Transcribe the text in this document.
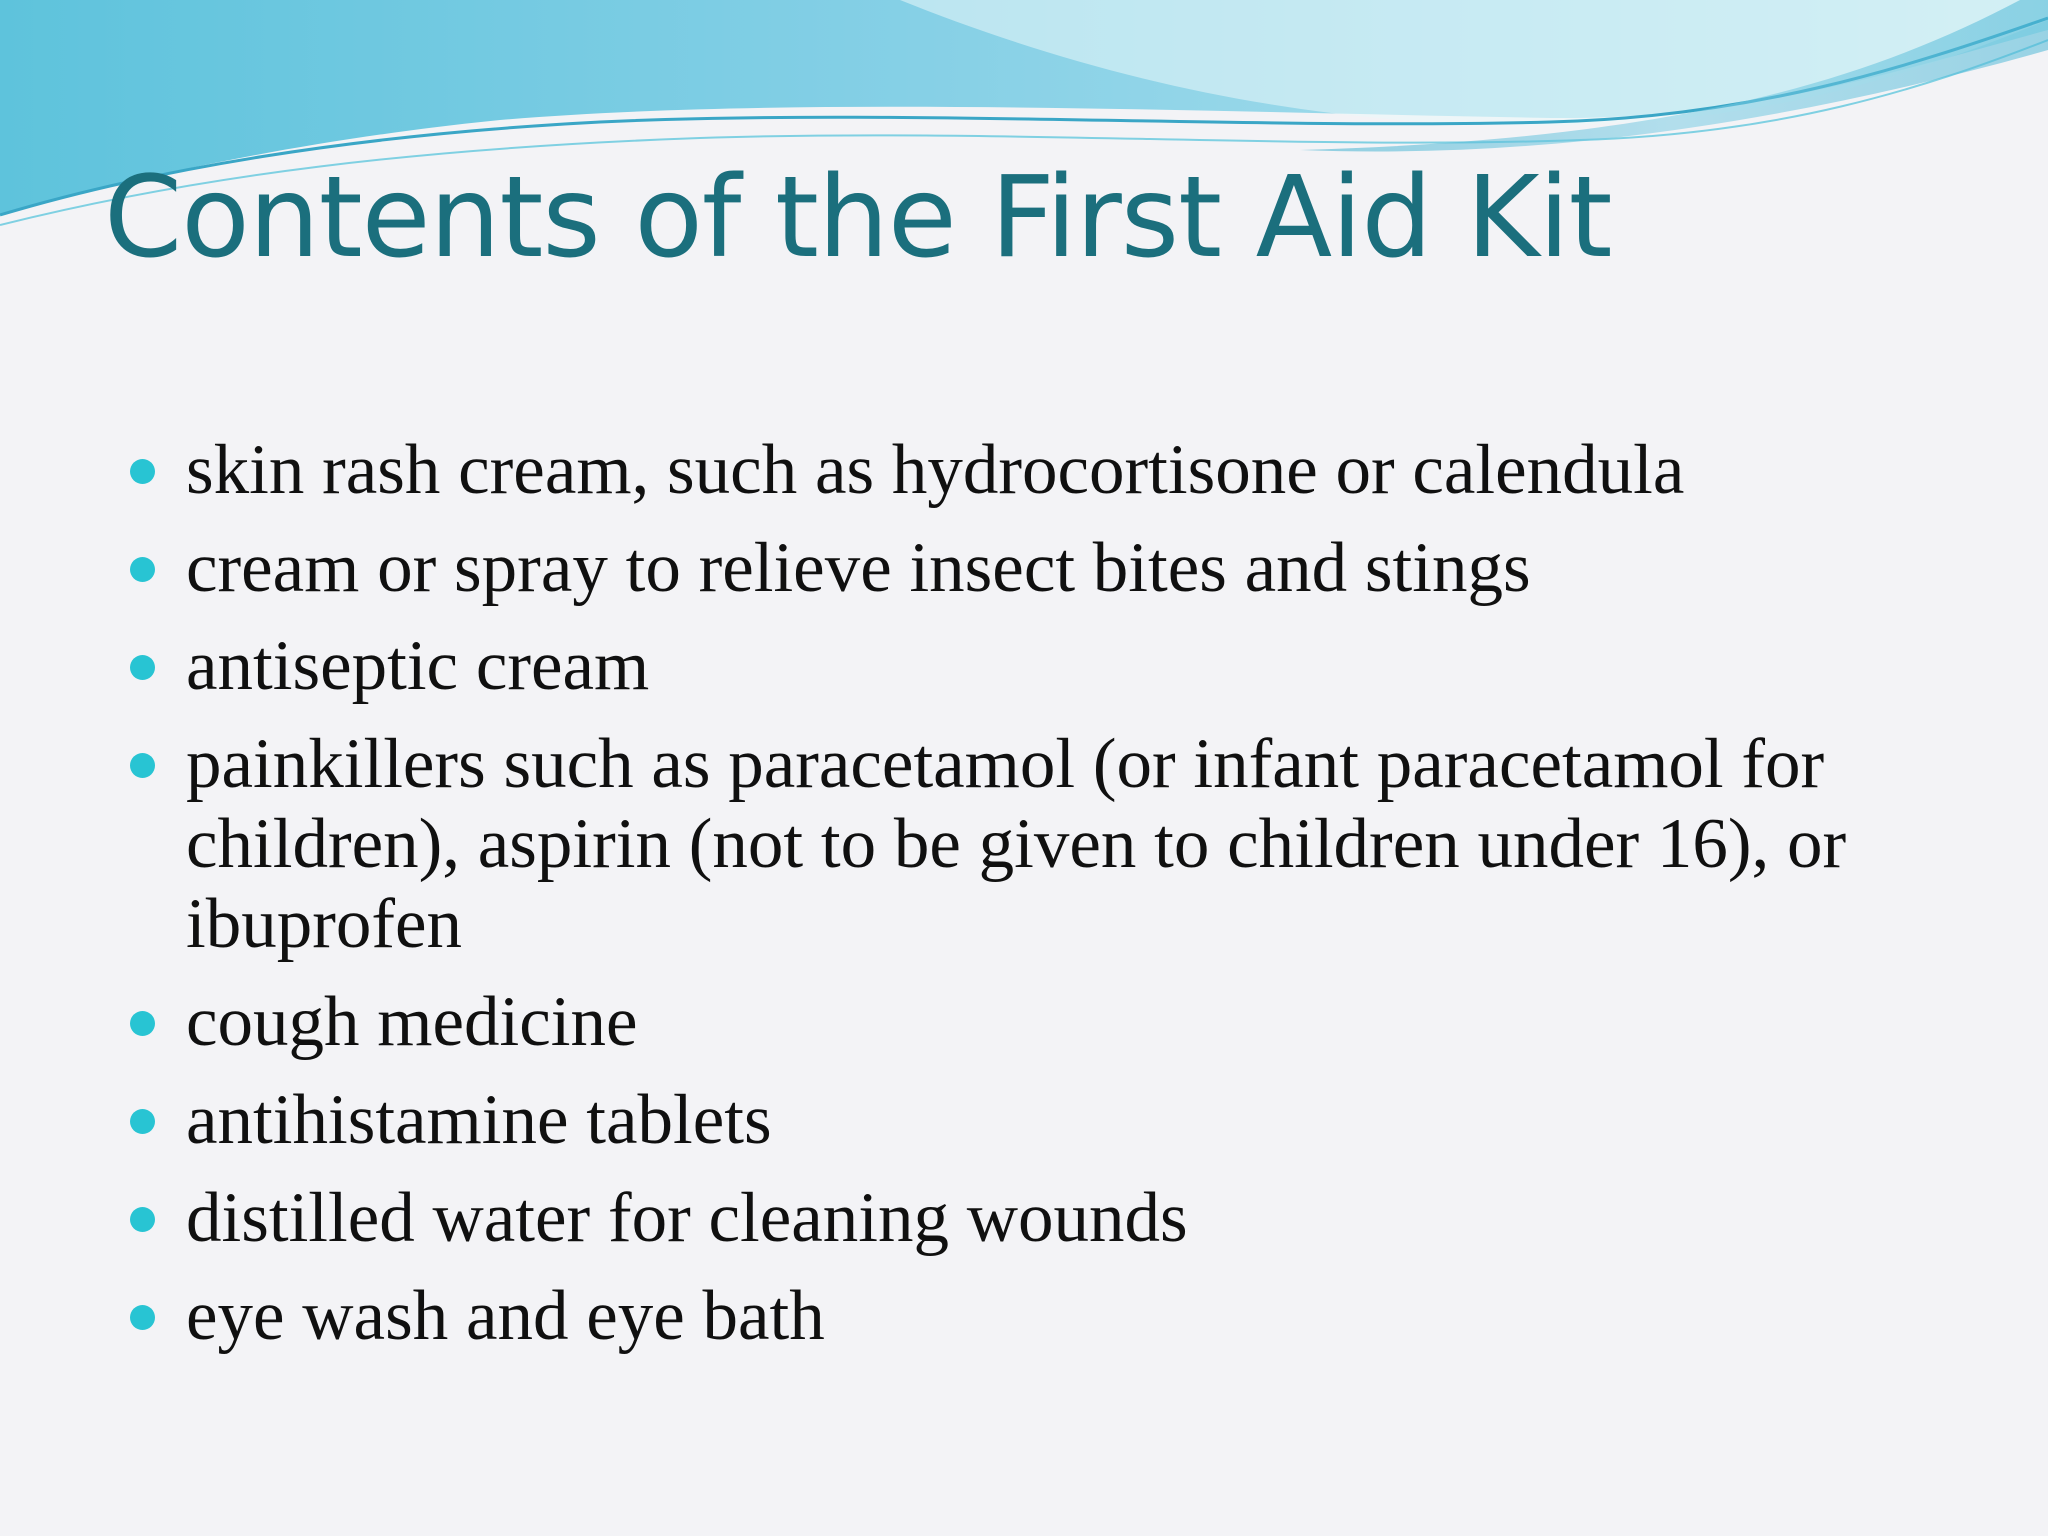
Contents of the First Aid Kit
skin rash cream, such as hydrocortisone or calendula
cream or spray to relieve insect bites and stings
antiseptic cream
painkillers such as paracetamol (or infant paracetamol for children), aspirin (not to be given to children under 16), or ibuprofen
cough medicine
antihistamine tablets
distilled water for cleaning wounds
eye wash and eye bath
